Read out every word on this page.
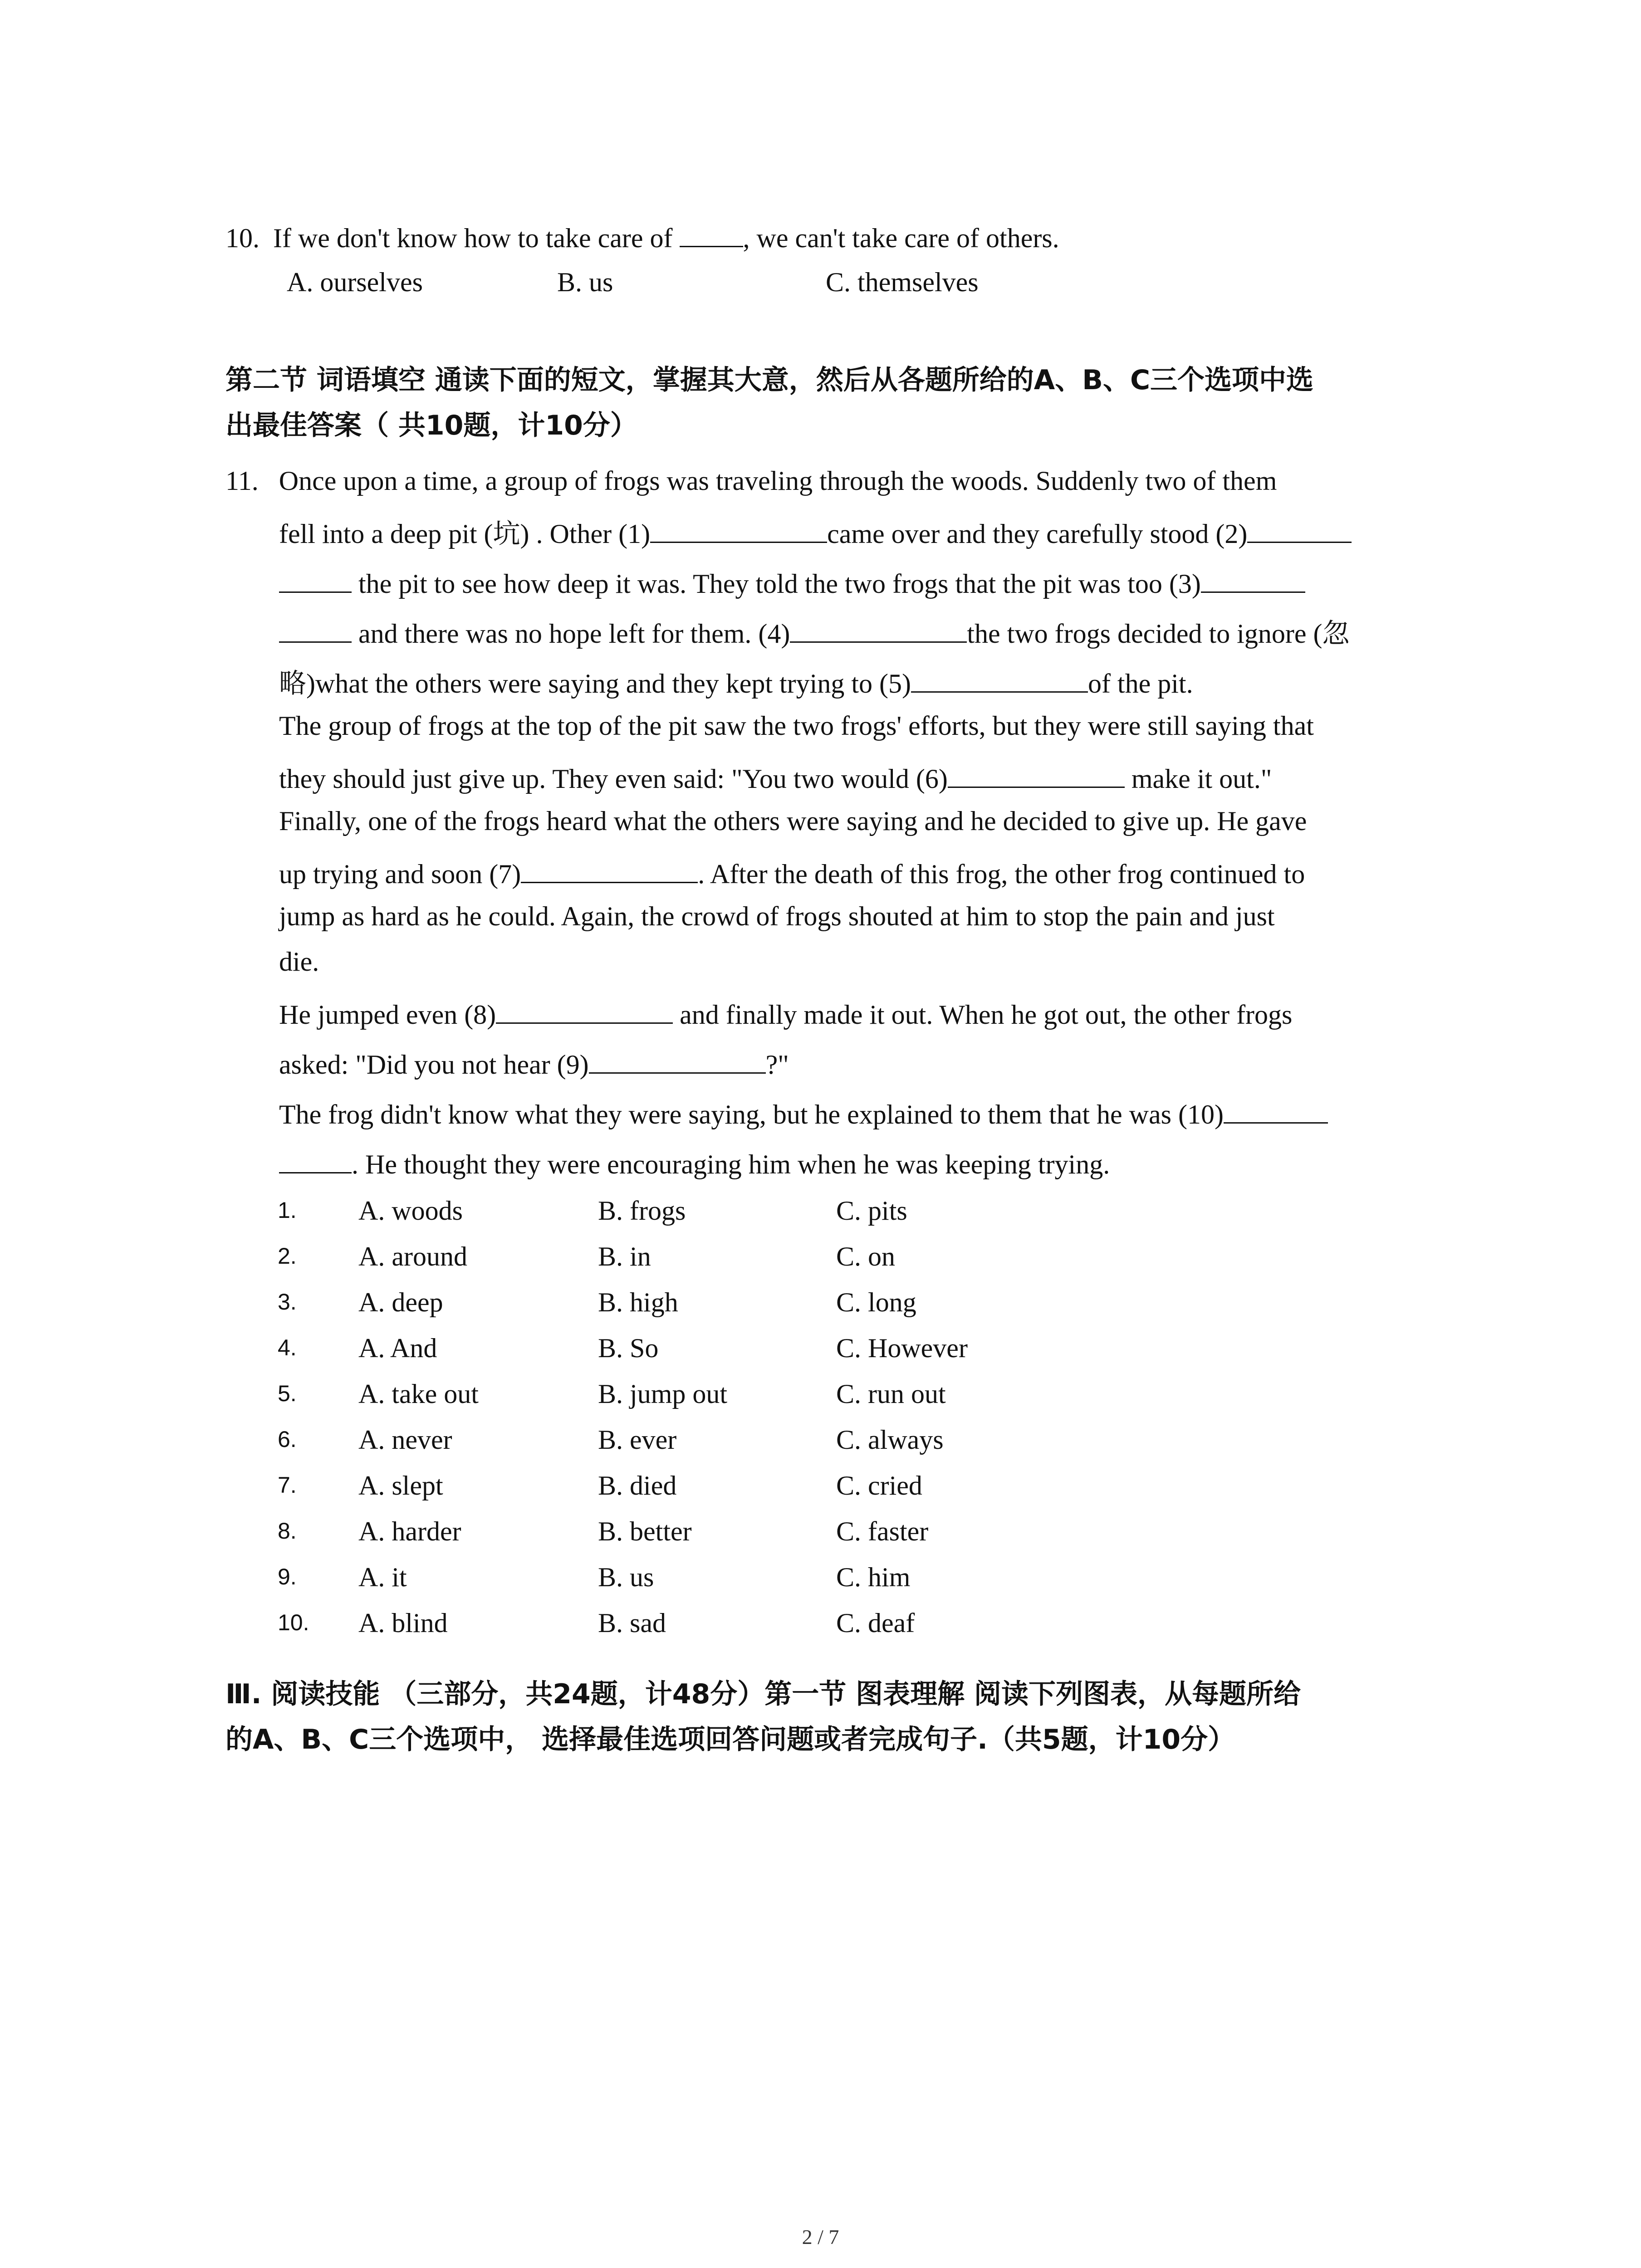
10. If we don't know how to take care of , we can't take care of others.
A. ourselves	B. us	C. themselves
第二节 词语填空 通读下面的短文，掌握其大意，然后从各题所给的A、B、C三个选项中选
出最佳答案（ 共10题，计10分）
11. Once upon a time, a group of frogs was traveling through the woods. Suddenly two of them
fell into a deep pit (坑) . Other (1)	came over and they carefully stood (2)
the pit to see how deep it was. They told the two frogs that the pit was too (3)
and there was no hope left for them. (4)	the two frogs decided to ignore (忽
略)what the others were saying and they kept trying to (5)	of the pit.
The group of frogs at the top of the pit saw the two frogs' efforts, but they were still saying that
they should just give up. They even said: "You two would (6)	make it out."
Finally, one of the frogs heard what the others were saying and he decided to give up. He gave
up trying and soon (7)	. After the death of this frog, the other frog continued to
jump as hard as he could. Again, the crowd of frogs shouted at him to stop the pain and just
die.
He jumped even (8)	and finally made it out. When he got out, the other frogs
asked: "Did you not hear (9)	?"
The frog didn't know what they were saying, but he explained to them that he was (10)
. He thought they were encouraging him when he was keeping trying.
1. A. woods	B. frogs	C. pits
2. A. around	B. in	C. on
3. A. deep	B. high	C. long
4. A. And	B. So	C. However
5. A. take out	B. jump out	C. run out
6. A. never	B. ever	C. always
7. A. slept	B. died	C. cried
8. A. harder	B. better	C. faster
9. A. it	B. us	C. him
10. A. blind	B. sad	C. deaf
Ⅲ. 阅读技能 （三部分，共24题，计48分）第一节 图表理解 阅读下列图表，从每题所给
的A、B、C三个选项中， 选择最佳选项回答问题或者完成句子.（共5题，计10分）
2 / 7
